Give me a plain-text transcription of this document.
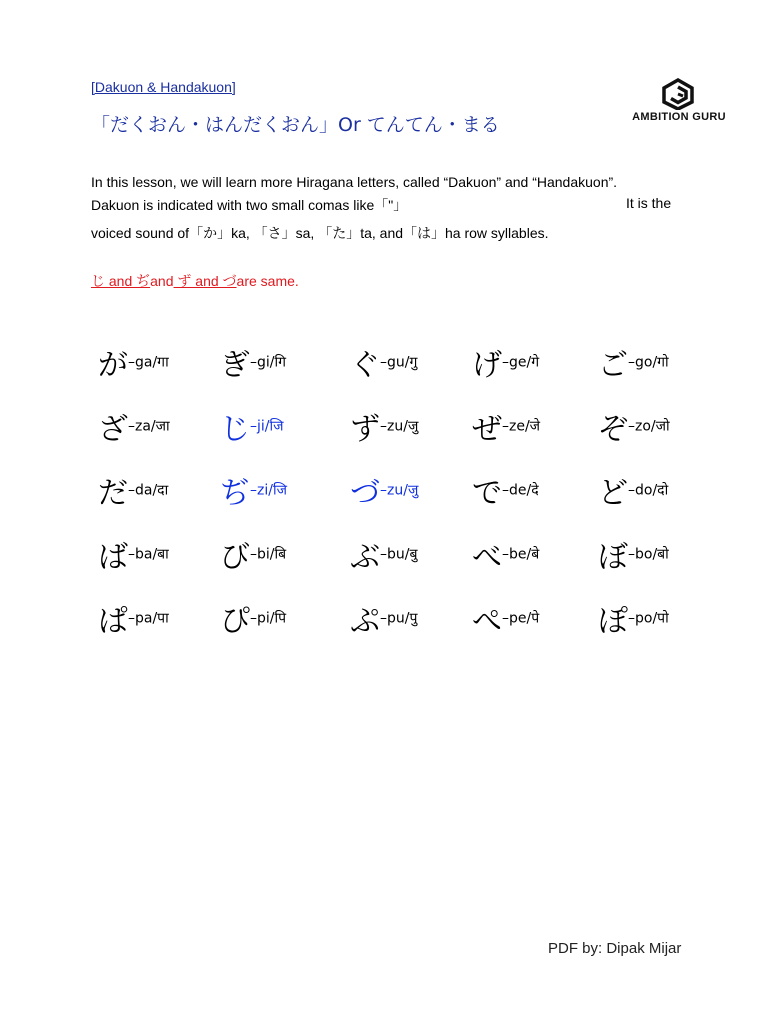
[Dakuon & Handakuon]
「だくおん・はんだくおん」Or てんてん・まる	AMBITION GURU
In this lesson, we will learn more Hiragana letters, called “Dakuon” and “Handakuon”.
Dakuon is indicated with two small comas like「"」	It is the
voiced sound of「か」ka, 「さ」sa, 「た」ta, and「は」ha row syllables.
じ and ぢand ず and づare same.
が–ga/गा ぎ–gi/गि ぐ–gu/गु げ–ge/गे ご–go/गो
ざ–za/जा じ–ji/जि ず–zu/जु ぜ–ze/जे ぞ–zo/जो
だ–da/दा ぢ–zi/जि づ–zu/जु で–de/दे ど–do/दो
ば–ba/बा び–bi/बि ぶ–bu/बु べ–be/बे ぼ–bo/बो
ぱ–pa/पा ぴ–pi/पि ぷ–pu/पु ぺ–pe/पे ぽ–po/पो
PDF by: Dipak Mijar
